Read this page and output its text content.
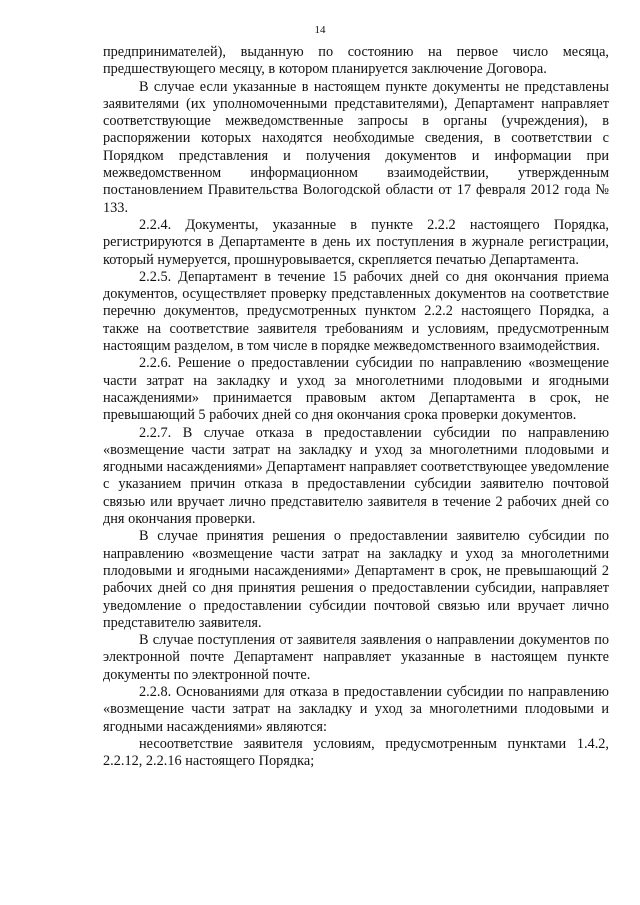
14

предпринимателей), выданную по состоянию на первое число месяца, предшествующего месяцу, в котором планируется заключение Договора.

В случае если указанные в настоящем пункте документы не представлены заявителями (их уполномоченными представителями), Департамент направляет соответствующие межведомственные запросы в органы (учреждения), в распоряжении которых находятся необходимые сведения, в соответствии с Порядком представления и получения документов и информации при межведомственном информационном взаимодействии, утвержденным постановлением Правительства Вологодской области от 17 февраля 2012 года № 133.

2.2.4. Документы, указанные в пункте 2.2.2 настоящего Порядка, регистрируются в Департаменте в день их поступления в журнале регистрации, который нумеруется, прошнуровывается, скрепляется печатью Департамента.

2.2.5. Департамент в течение 15 рабочих дней со дня окончания приема документов, осуществляет проверку представленных документов на соответствие перечню документов, предусмотренных пунктом 2.2.2 настоящего Порядка, а также на соответствие заявителя требованиям и условиям, предусмотренным настоящим разделом, в том числе в порядке межведомственного взаимодействия.

2.2.6. Решение о предоставлении субсидии по направлению «возмещение части затрат на закладку и уход за многолетними плодовыми и ягодными насаждениями» принимается правовым актом Департамента в срок, не превышающий 5 рабочих дней со дня окончания срока проверки документов.

2.2.7. В случае отказа в предоставлении субсидии по направлению «возмещение части затрат на закладку и уход за многолетними плодовыми и ягодными насаждениями» Департамент направляет соответствующее уведомление с указанием причин отказа в предоставлении субсидии заявителю почтовой связью или вручает лично представителю заявителя в течение 2 рабочих дней со дня окончания проверки.

В случае принятия решения о предоставлении заявителю субсидии по направлению «возмещение части затрат на закладку и уход за многолетними плодовыми и ягодными насаждениями» Департамент в срок, не превышающий 2 рабочих дней со дня принятия решения о предоставлении субсидии, направляет уведомление о предоставлении субсидии почтовой связью или вручает лично представителю заявителя.

В случае поступления от заявителя заявления о направлении документов по электронной почте Департамент направляет указанные в настоящем пункте документы по электронной почте.

2.2.8. Основаниями для отказа в предоставлении субсидии по направлению «возмещение части затрат на закладку и уход за многолетними плодовыми и ягодными насаждениями» являются:

несоответствие заявителя условиям, предусмотренным пунктами 1.4.2, 2.2.12, 2.2.16 настоящего Порядка;
